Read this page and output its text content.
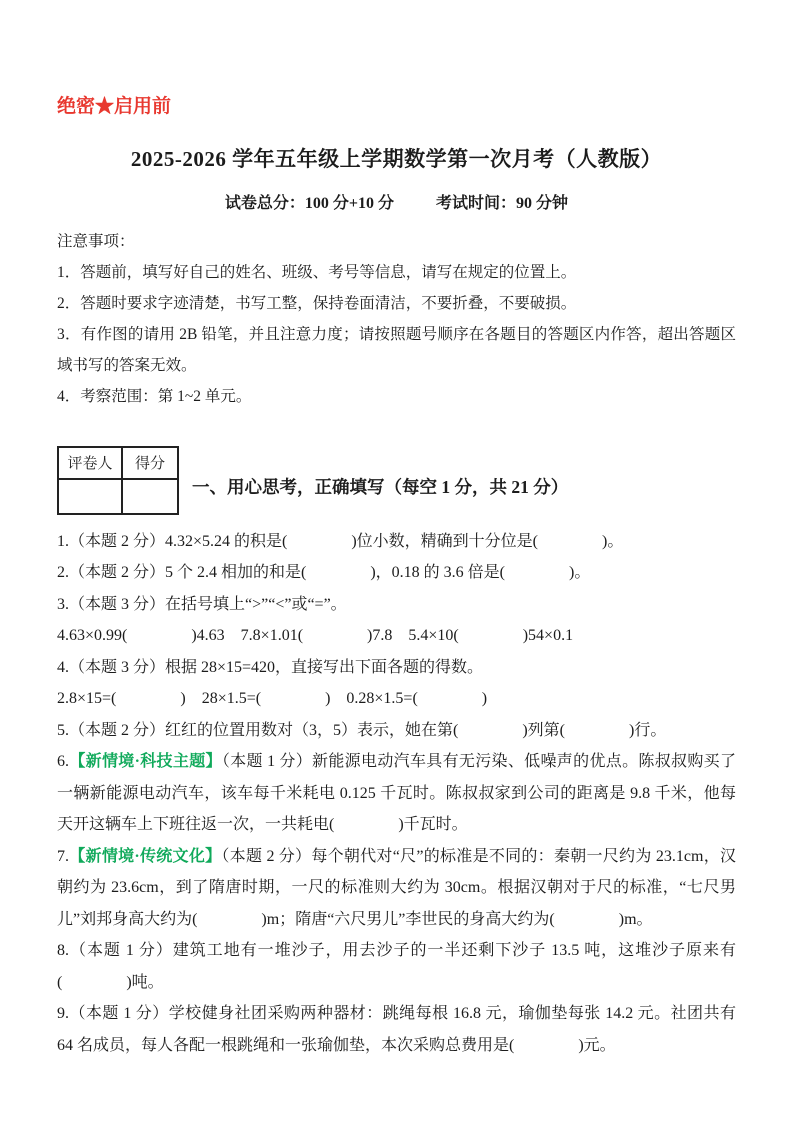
绝密★启用前
2025-2026 学年五年级上学期数学第一次月考（人教版）
试卷总分：100 分+10 分	考试时间：90 分钟

注意事项：

1．答题前，填写好自己的姓名、班级、考号等信息，请写在规定的位置上。

2．答题时要求字迹清楚，书写工整，保持卷面清洁，不要折叠，不要破损。

3．有作图的请用 2B 铅笔，并且注意力度；请按照题号顺序在各题目的答题区内作答，超出答题区域书写的答案无效。

4．考察范围：第 1~2 单元。

评卷人	得分

一、用心思考，正确填写（每空 1 分，共 21 分）

1.（本题 2 分）4.32×5.24 的积是(　　　　)位小数，精确到十分位是(　　　　)。

2.（本题 2 分）5 个 2.4 相加的和是(　　　　)，0.18 的 3.6 倍是(　　　　)。

3.（本题 3 分）在括号填上“>”“<”或“=”。

4.63×0.99(　　　　)4.63　7.8×1.01(　　　　)7.8　5.4×10(　　　　)54×0.1

4.（本题 3 分）根据 28×15=420，直接写出下面各题的得数。

2.8×15=(　　　　)　28×1.5=(　　　　)　0.28×1.5=(　　　　)

5.（本题 2 分）红红的位置用数对（3，5）表示，她在第(　　　　)列第(　　　　)行。

6.【新情境·科技主题】（本题 1 分）新能源电动汽车具有无污染、低噪声的优点。陈叔叔购买了一辆新能源电动汽车，该车每千米耗电 0.125 千瓦时。陈叔叔家到公司的距离是 9.8 千米，他每天开这辆车上下班往返一次，一共耗电(　　　　)千瓦时。

7.【新情境·传统文化】（本题 2 分）每个朝代对“尺”的标准是不同的：秦朝一尺约为 23.1cm，汉朝约为 23.6cm，到了隋唐时期，一尺的标准则大约为 30cm。根据汉朝对于尺的标准，“七尺男儿”刘邦身高大约为(　　　　)m；隋唐“六尺男儿”李世民的身高大约为(　　　　)m。

8.（本题 1 分）建筑工地有一堆沙子，用去沙子的一半还剩下沙子 13.5 吨，这堆沙子原来有(　　　　)吨。

9.（本题 1 分）学校健身社团采购两种器材：跳绳每根 16.8 元，瑜伽垫每张 14.2 元。社团共有 64 名成员，每人各配一根跳绳和一张瑜伽垫，本次采购总费用是(　　　　)元。
